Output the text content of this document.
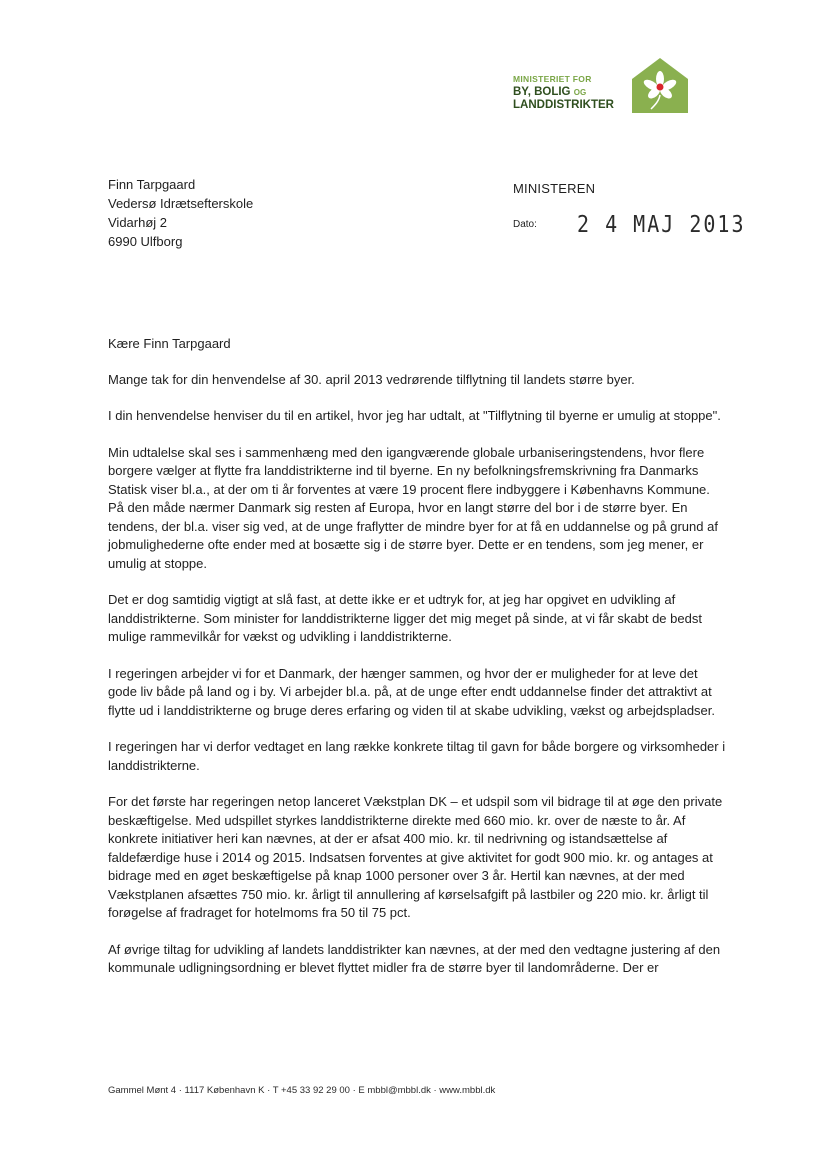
MINISTERIET FOR
BY, BOLIG OG
LANDDISTRIKTER
Finn Tarpgaard
Vedersø Idrætsefterskole
Vidarhøj 2
6990 Ulfborg
MINISTEREN
Dato: 2 4 MAJ 2013

Kære Finn Tarpgaard

Mange tak for din henvendelse af 30. april 2013 vedrørende tilflytning til landets større byer.

I din henvendelse henviser du til en artikel, hvor jeg har udtalt, at "Tilflytning til byerne er umulig at stoppe".

Min udtalelse skal ses i sammenhæng med den igangværende globale urbaniseringstendens, hvor flere borgere vælger at flytte fra landdistrikterne ind til byerne. En ny befolkningsfremskrivning fra Danmarks Statisk viser bl.a., at der om ti år forventes at være 19 procent flere indbyggere i Københavns Kommune. På den måde nærmer Danmark sig resten af Europa, hvor en langt større del bor i de større byer. En tendens, der bl.a. viser sig ved, at de unge fraflytter de mindre byer for at få en uddannelse og på grund af jobmulighederne ofte ender med at bosætte sig i de større byer. Dette er en tendens, som jeg mener, er umulig at stoppe.

Det er dog samtidig vigtigt at slå fast, at dette ikke er et udtryk for, at jeg har opgivet en udvikling af landdistrikterne. Som minister for landdistrikterne ligger det mig meget på sinde, at vi får skabt de bedst mulige rammevilkår for vækst og udvikling i landdistrikterne.

I regeringen arbejder vi for et Danmark, der hænger sammen, og hvor der er muligheder for at leve det gode liv både på land og i by. Vi arbejder bl.a. på, at de unge efter endt uddannelse finder det attraktivt at flytte ud i landdistrikterne og bruge deres erfaring og viden til at skabe udvikling, vækst og arbejdspladser.

I regeringen har vi derfor vedtaget en lang række konkrete tiltag til gavn for både borgere og virksomheder i landdistrikterne.

For det første har regeringen netop lanceret Vækstplan DK – et udspil som vil bidrage til at øge den private beskæftigelse. Med udspillet styrkes landdistrikterne direkte med 660 mio. kr. over de næste to år. Af konkrete initiativer heri kan nævnes, at der er afsat 400 mio. kr. til nedrivning og istandsættelse af faldefærdige huse i 2014 og 2015. Indsatsen forventes at give aktivitet for godt 900 mio. kr. og antages at bidrage med en øget beskæftigelse på knap 1000 personer over 3 år. Hertil kan nævnes, at der med Vækstplanen afsættes 750 mio. kr. årligt til annullering af kørselsafgift på lastbiler og 220 mio. kr. årligt til forøgelse af fradraget for hotelmoms fra 50 til 75 pct.

Af øvrige tiltag for udvikling af landets landdistrikter kan nævnes, at der med den vedtagne justering af den kommunale udligningsordning er blevet flyttet midler fra de større byer til landområderne. Der er

Gammel Mønt 4 · 1117 København K · T +45 33 92 29 00 · E mbbl@mbbl.dk · www.mbbl.dk
